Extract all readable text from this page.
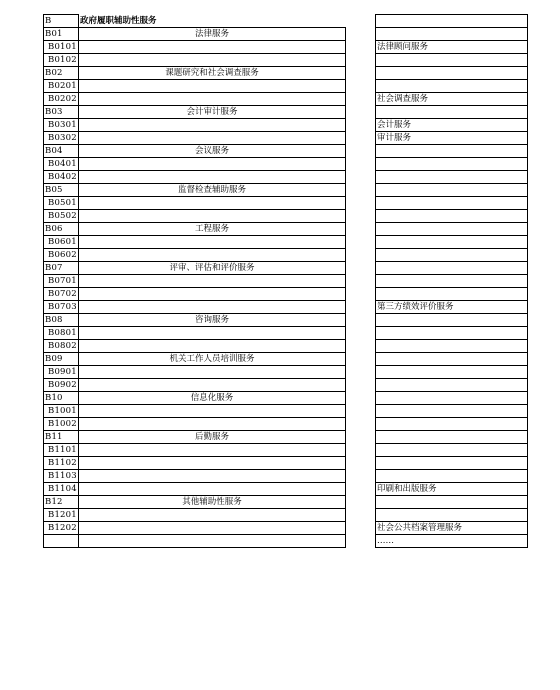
B	政府履职辅助性服务			
B01	法律服务			
B0101				法律顾问服务
B0102				
B02	课题研究和社会调查服务			
B0201				
B0202				社会调查服务
B03	会计审计服务			
B0301				会计服务
B0302				审计服务
B04	会议服务			
B0401				
B0402				
B05	监督检查辅助服务			
B0501				
B0502				
B06	工程服务			
B0601				
B0602				
B07	评审、评估和评价服务			
B0701				
B0702				
B0703				第三方绩效评价服务
B08	咨询服务			
B0801				
B0802				
B09	机关工作人员培训服务			
B0901				
B0902				
B10	信息化服务			
B1001				
B1002				
B11	后勤服务			
B1101				
B1102				
B1103				
B1104				印刷和出版服务
B12	其他辅助性服务			
B1201				
B1202				社会公共档案管理服务
				……
